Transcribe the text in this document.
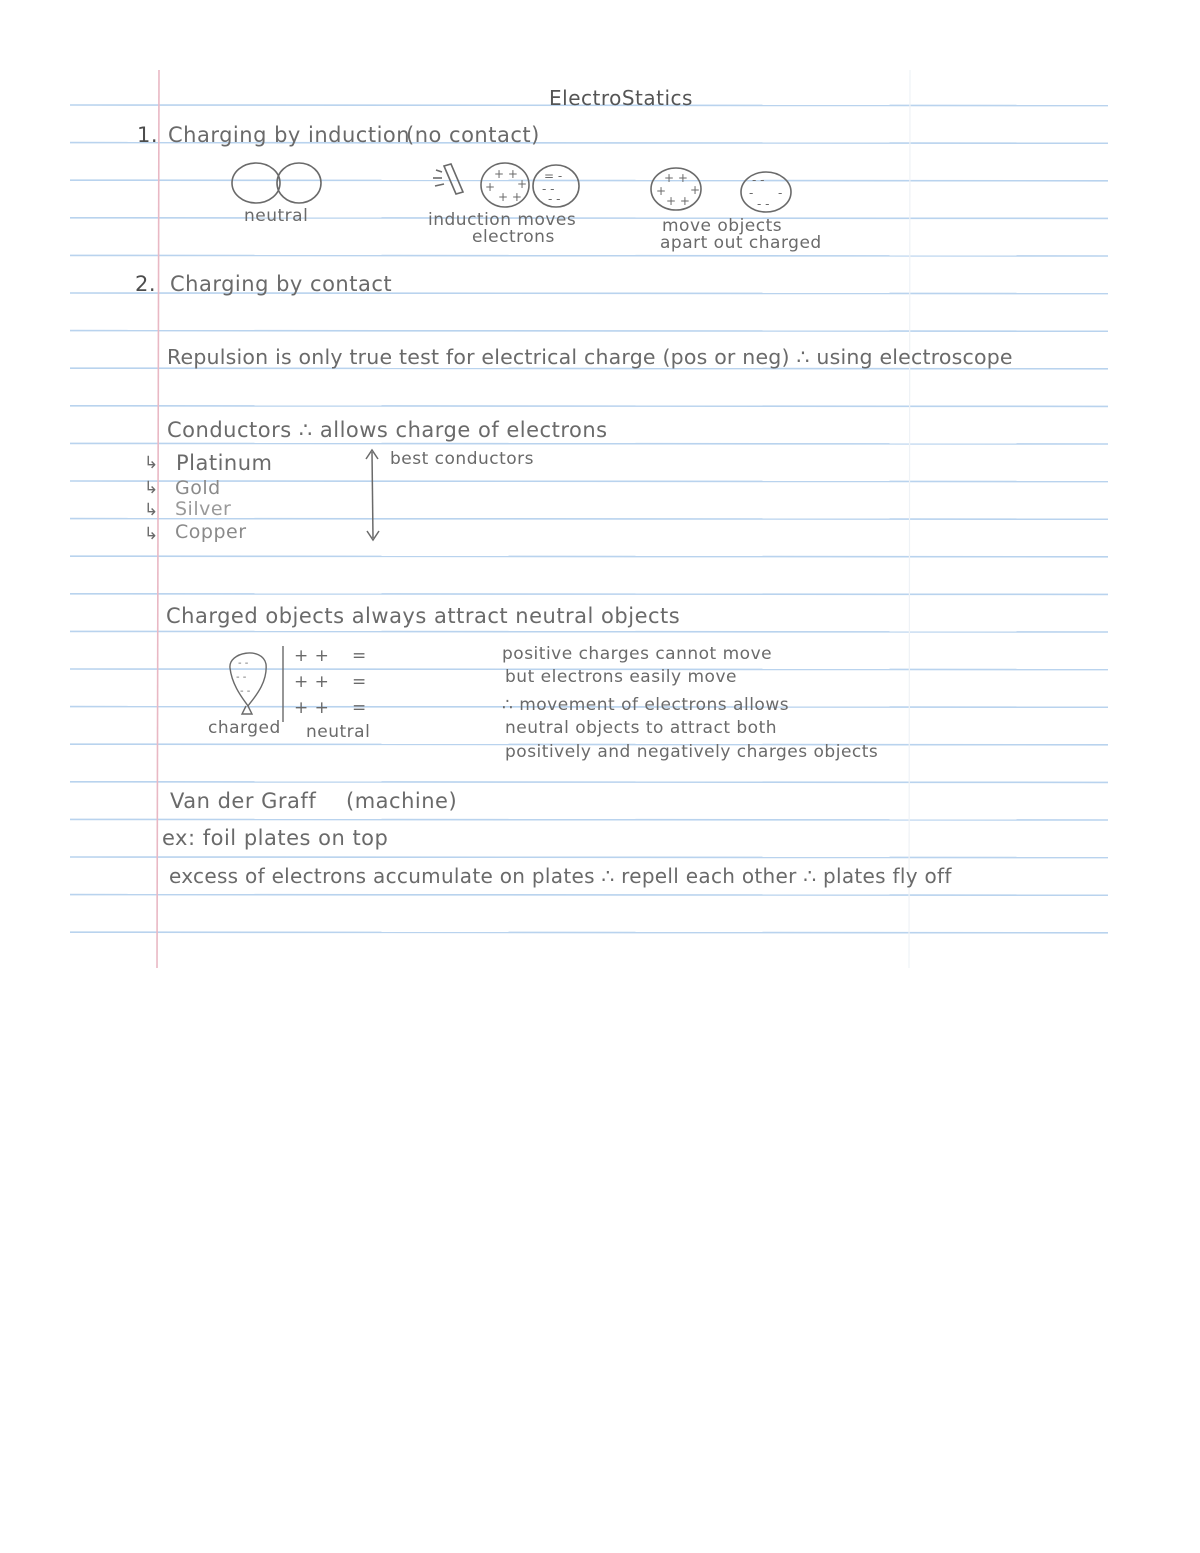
ElectroStatics
1. Charging by induction
(no contact)
+ +
+ +
+ +
= -
- -
- -
+ +
+ +
+ +
- -
- -
- -
neutral	induction moves
electrons
move objects
apart out charged
2. Charging by contact
Repulsion is only true test for electrical charge (pos or neg) ∴ using electroscope
Conductors ∴ allows charge of electrons
best conductors
↳ Platinum
↳ Gold
↳ Silver
↳ Copper
Charged objects always attract neutral objects
- -
- -
- -
+ +
+ +
+ +
=
=
=
charged neutral
positive charges cannot move
but electrons easily move
∴ movement of electrons allows
neutral objects to attract both
positively and negatively charges objects
Van der Graff (machine)
ex: foil plates on top
excess of electrons accumulate on plates ∴ repell each other ∴ plates fly off
